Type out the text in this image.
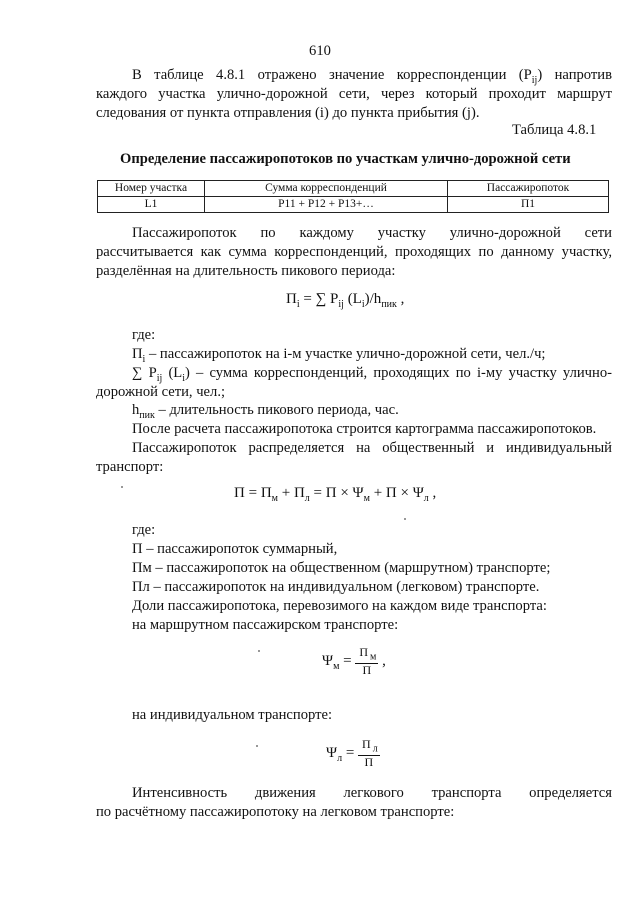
610
В таблице 4.8.1 отражено значение корреспонденции $(P_{ij})$ напротив
каждого участка улично-дорожной сети, через который проходит маршрут
следования от пункта отправления (i) до пункта прибытия (j).
Таблица 4.8.1
Определение пассажиропотоков по участкам улично-дорожной сети
Номер участка	Сумма корреспонденций	Пассажиропоток
L1	P11 + P12 + P13+…	П1
Пассажиропоток по каждому участку улично-дорожной сети
рассчитывается как сумма корреспонденций, проходящих по данному участку,
разделённая на длительность пикового периода:
$П_i$ = ∑ $P_{ij}$ $(L_i)/h_{пик}$ ,
где:
$П_i$ – пассажиропоток на i-м участке улично-дорожной сети, чел./ч;
∑ $P_{ij}$ $(L_i)$ – сумма корреспонденций, проходящих по i-му участку улично-
дорожной сети, чел.;
$h_{пик}$ – длительность пикового периода, час.
После расчета пассажиропотока строится картограмма пассажиропотоков.
Пассажиропоток распределяется на общественный и индивидуальный
транспорт:
$П = П_м + П_л = П \times \Psi_м + П \times \Psi_л$ ,
где:
П – пассажиропоток суммарный,
Пм – пассажиропоток на общественном (маршрутном) транспорте;
Пл – пассажиропоток на индивидуальном (легковом) транспорте.
Доли пассажиропотока, перевозимого на каждом виде транспорта:
на маршрутном пассажирском транспорте:
$\Psi_м = \frac{П _м}{П}$ ,
на индивидуальном транспорте:
$\Psi_л = \frac{П _л}{П}$
Интенсивность движения легкового транспорта определяется
по расчётному пассажиропотоку на легковом транспорте:
